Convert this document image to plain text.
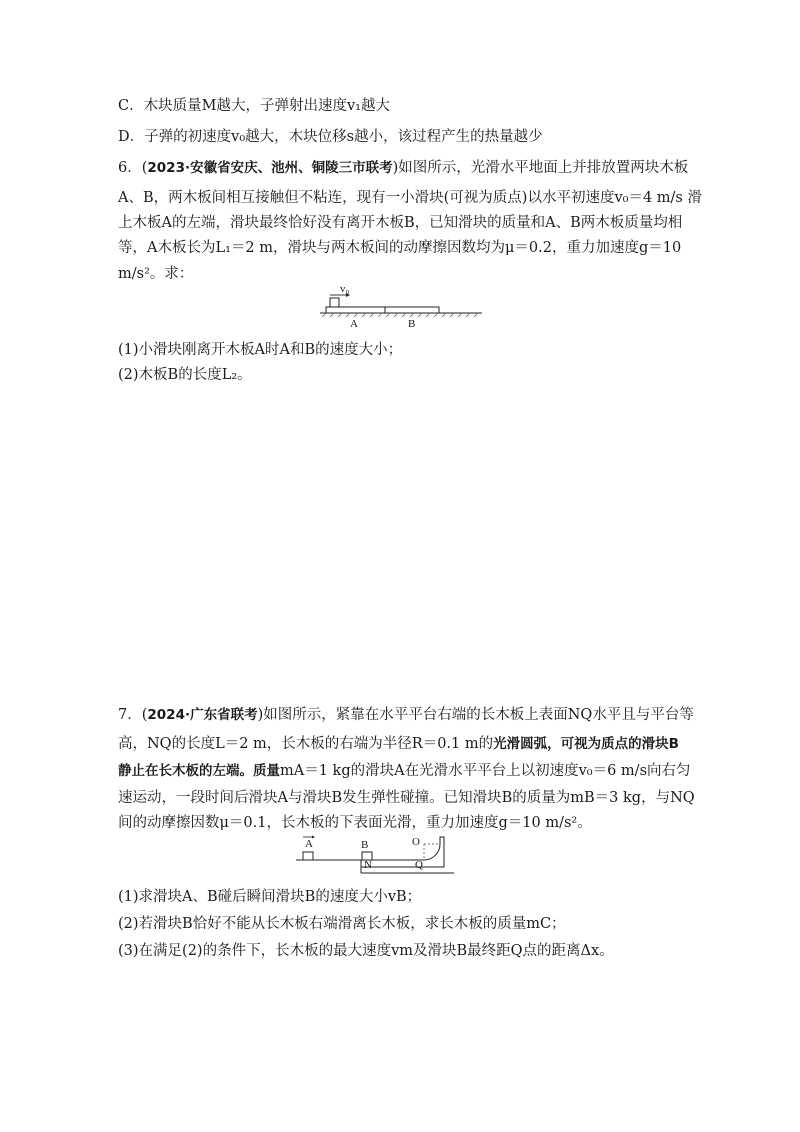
C．木块质量M越大，子弹射出速度v₁越大
D．子弹的初速度v₀越大，木块位移s越小，该过程产生的热量越少
6．(2023·安徽省安庆、池州、铜陵三市联考)如图所示，光滑水平地面上并排放置两块木板
A、B，两木板间相互接触但不粘连，现有一小滑块(可视为质点)以水平初速度v₀＝4 m/s 滑
上木板A的左端，滑块最终恰好没有离开木板B，已知滑块的质量和A、B两木板质量均相
等，A木板长为L₁＝2 m，滑块与两木板间的动摩擦因数均为μ＝0.2，重力加速度g＝10
m/s²。求：
v₀
A	B
(1)小滑块刚离开木板A时A和B的速度大小；
(2)木板B的长度L₂。
7．(2024·广东省联考)如图所示，紧靠在水平平台右端的长木板上表面NQ水平且与平台等
高，NQ的长度L＝2 m，长木板的右端为半径R＝0.1 m的光滑圆弧，可视为质点的滑块B
静止在长木板的左端。质量mA＝1 kg的滑块A在光滑水平平台上以初速度v₀＝6 m/s向右匀
速运动，一段时间后滑块A与滑块B发生弹性碰撞。已知滑块B的质量为mB＝3 kg，与NQ
间的动摩擦因数μ＝0.1，长木板的下表面光滑，重力加速度g＝10 m/s²。
A	B	O
N	Q
(1)求滑块A、B碰后瞬间滑块B的速度大小vB；
(2)若滑块B恰好不能从长木板右端滑离长木板，求长木板的质量mC；
(3)在满足(2)的条件下，长木板的最大速度vm及滑块B最终距Q点的距离Δx。
